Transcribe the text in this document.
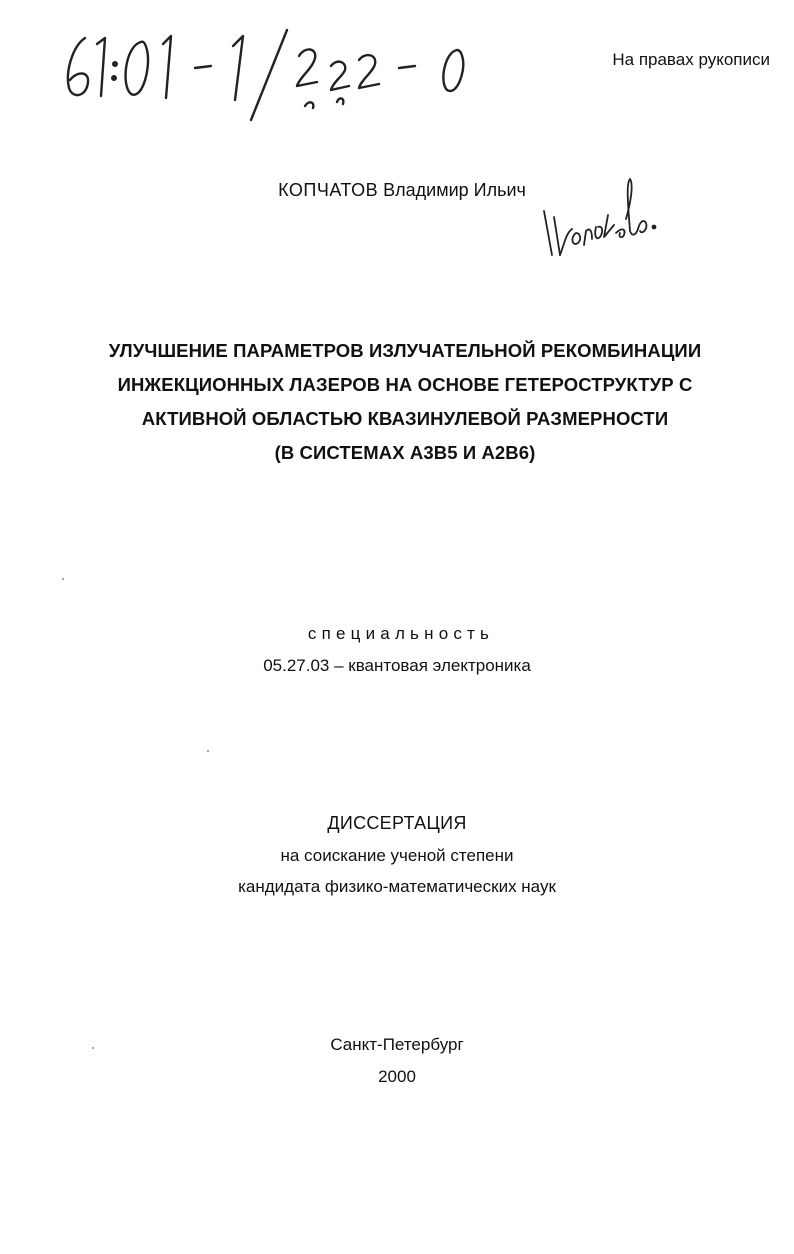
На правах рукописи
КОПЧАТОВ Владимир Ильич
УЛУЧШЕНИЕ ПАРАМЕТРОВ ИЗЛУЧАТЕЛЬНОЙ РЕКОМБИНАЦИИ
ИНЖЕКЦИОННЫХ ЛАЗЕРОВ НА ОСНОВЕ ГЕТЕРОСТРУКТУР С
АКТИВНОЙ ОБЛАСТЬЮ КВАЗИНУЛЕВОЙ РАЗМЕРНОСТИ
(В СИСТЕМАХ А3В5 И А2В6)
специальность
05.27.03 – квантовая электроника
ДИССЕРТАЦИЯ
на соискание ученой степени
кандидата физико-математических наук
Санкт-Петербург
2000
